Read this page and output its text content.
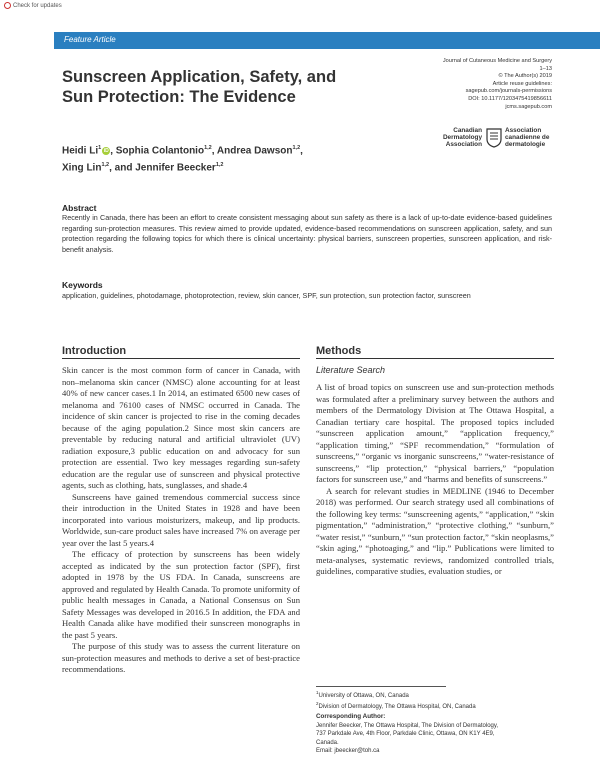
Check for updates
Feature Article
Sunscreen Application, Safety, and Sun Protection: The Evidence
Journal of Cutaneous Medicine and Surgery
1–13
© The Author(s) 2019
Article reuse guidelines:
sagepub.com/journals-permissions
DOI: 10.1177/1203475419856611
jcms.sagepub.com
Canadian Dermatology Association
Association canadienne de dermatologie
Heidi Li$^1$iD , Sophia Colantonio$^{1,2}$, Andrea Dawson$^{1,2}$,
Xing Lin$^{1,2}$, and Jennifer Beecker$^{1,2}$
Abstract
Recently in Canada, there has been an effort to create consistent messaging about sun safety as there is a lack of up-to-date evidence-based guidelines regarding sun-protection measures. This review aimed to provide updated, evidence-based recommendations on sunscreen application, safety, and sun protection regarding the following topics for which there is clinical uncertainty: physical barriers, sunscreen properties, sunscreen application, and risk-benefit analysis.
Keywords
application, guidelines, photodamage, photoprotection, review, skin cancer, SPF, sun protection, sun protection factor, sunscreen
Introduction

Skin cancer is the most common form of cancer in Canada, with non–melanoma skin cancer (NMSC) alone accounting for at least 40% of new cancer cases.1 In 2014, an estimated 6500 new cases of melanoma and 76100 cases of NMSC occurred in Canada. The incidence of skin cancer is projected to rise in the coming decades because of the aging population.2 Since most skin cancers are preventable by reducing natural and artificial ultraviolet (UV) radiation exposure,3 public education on and advocacy for sun protection are essential. Two key messages regarding sun-safety education are the regular use of sunscreen and physical protective agents, such as clothing, hats, sunglasses, and shade.4

Sunscreens have gained tremendous commercial success since their introduction in the United States in 1928 and have been incorporated into various moisturizers, makeup, and lip products. Worldwide, sun-care product sales have increased 7% on average per year over the last 5 years.4

The efficacy of protection by sunscreens has been widely accepted as indicated by the sun protection factor (SPF), first adopted in 1978 by the US FDA. In Canada, sunscreens are approved and regulated by Health Canada. To promote uniformity of public health messages in Canada, a National Consensus on Sun Safety Messages was developed in 2016.5 In addition, the FDA and Health Canada alike have modified their sunscreen monographs in the past 5 years.

The purpose of this study was to assess the current literature on sun-protection measures and methods to derive a set of best-practice recommendations.

Methods
Literature Search

A list of broad topics on sunscreen use and sun-protection methods was formulated after a preliminary survey between the authors and members of the Dermatology Division at The Ottawa Hospital, a Canadian tertiary care hospital. The proposed topics included “sunscreen application amount,” “application frequency,” “application timing,” “SPF recommendation,” “formulation of sunscreens,” “organic vs inorganic sunscreens,” “water-resistance of sunscreens,” “lip protection,” “physical barriers,” “population factors for sunscreen use,” and “harms and benefits of sunscreens.”

A search for relevant studies in MEDLINE (1946 to December 2018) was performed. Our search strategy used all combinations of the following key terms: “sunscreening agents,” “application,” “skin pigmentation,” “administration,” “protective clothing,” “sunburn,” “water resist,” “sunburn,” “sun protection factor,” “skin neoplasms,” “skin aging,” “photoaging,” and “lip.” Publications were limited to meta-analyses, systematic reviews, randomized controlled trials, guidelines, comparative studies, evaluation studies, or

$^1$University of Ottawa, ON, Canada
$^2$Division of Dermatology, The Ottawa Hospital, ON, Canada
Corresponding Author:
Jennifer Beecker, The Ottawa Hospital, The Division of Dermatology,
737 Parkdale Ave, 4th Floor, Parkdale Clinic, Ottawa, ON K1Y 4E9,
Canada.
Email: jbeecker@toh.ca
